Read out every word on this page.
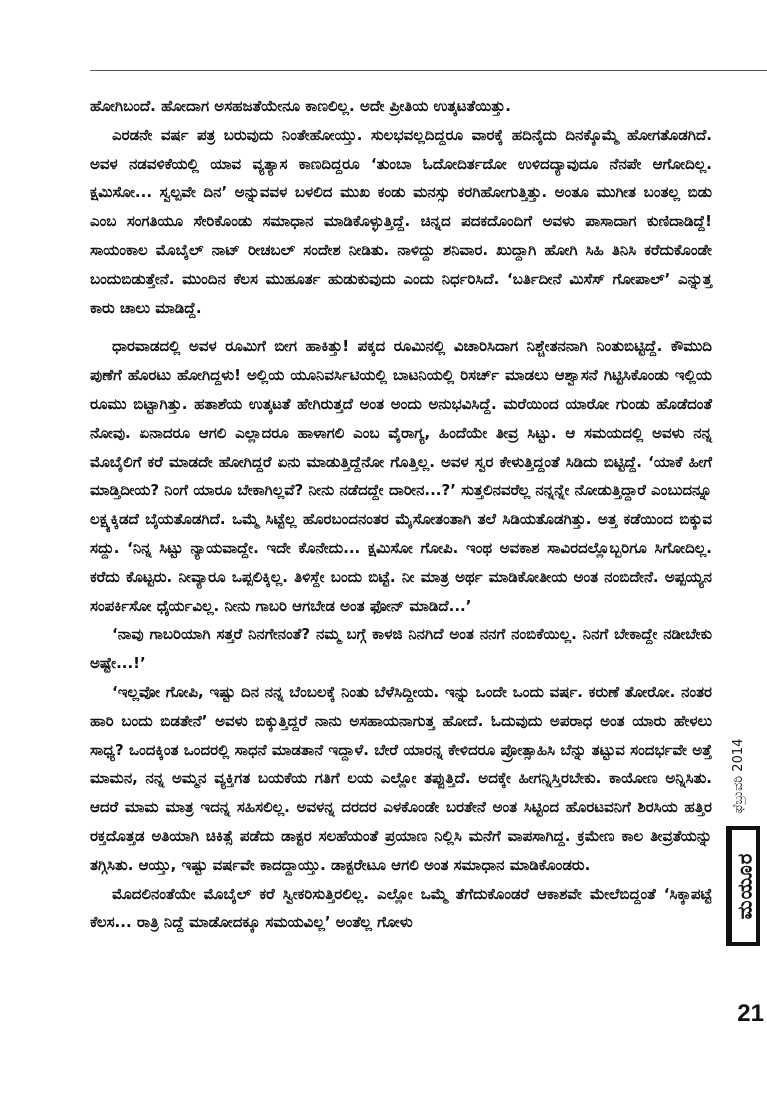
ಹೋಗಿಬಂದೆ. ಹೋದಾಗ ಅಸಹಜತೆಯೇನೂ ಕಾಣಲಿಲ್ಲ. ಅದೇ ಪ್ರೀತಿಯ ಉತ್ಕಟತೆಯಿತ್ತು.

ಎರಡನೇ ವರ್ಷ ಪತ್ರ ಬರುವುದು ನಿಂತೇಹೋಯ್ತು. ಸುಲಭವಲ್ಲದಿದ್ದರೂ ವಾರಕ್ಕೆ ಹದಿನೈದು ದಿನಕ್ಕೊಮ್ಮೆ ಹೋಗತೊಡಗಿದೆ. ಅವಳ ನಡವಳಿಕೆಯಲ್ಲಿ ಯಾವ ವ್ಯತ್ಯಾಸ ಕಾಣದಿದ್ದರೂ ‘ತುಂಬಾ ಓದೋದಿರ್ತದೋ ಉಳಿದದ್ಯಾವುದೂ ನೆನಪೇ ಆಗೋದಿಲ್ಲ. ಕ್ಷಮಿಸೋ... ಸ್ವಲ್ಪವೇ ದಿನ’ ಅನ್ನುವವಳ ಬಳಲಿದ ಮುಖ ಕಂಡು ಮನಸ್ಸು ಕರಗಿಹೋಗುತ್ತಿತ್ತು. ಅಂತೂ ಮುಗೀತ ಬಂತಲ್ಲ ಬಿಡು ಎಂಬ ಸಂಗತಿಯೂ ಸೇರಿಕೊಂಡು ಸಮಾಧಾನ ಮಾಡಿಕೊಳ್ಳುತ್ತಿದ್ದೆ. ಚಿನ್ನದ ಪದಕದೊಂದಿಗೆ ಅವಳು ಪಾಸಾದಾಗ ಕುಣಿದಾಡಿದ್ದೆ! ಸಾಯಂಕಾಲ ಮೊಬೈಲ್ ನಾಟ್ ರೀಚಬಲ್ ಸಂದೇಶ ನೀಡಿತು. ನಾಳಿದ್ದು ಶನಿವಾರ. ಖುದ್ದಾಗಿ ಹೋಗಿ ಸಿಹಿ ತಿನಿಸಿ ಕರೆದುಕೊಂಡೇ ಬಂದುಬಿಡುತ್ತೇನೆ. ಮುಂದಿನ ಕೆಲಸ ಮುಹೂರ್ತ ಹುಡುಕುವುದು ಎಂದು ನಿರ್ಧರಿಸಿದೆ. ‘ಬರ್ತಿದೀನೆ ಮಿಸೆಸ್ ಗೋಪಾಲ್’ ಎನ್ನುತ್ತ ಕಾರು ಚಾಲು ಮಾಡಿದ್ದೆ.

ಧಾರವಾಡದಲ್ಲಿ ಅವಳ ರೂಮಿಗೆ ಬೀಗ ಹಾಕಿತ್ತು! ಪಕ್ಕದ ರೂಮಿನಲ್ಲಿ ವಿಚಾರಿಸಿದಾಗ ನಿಶ್ಚೇತನನಾಗಿ ನಿಂತುಬಿಟ್ಟಿದ್ದೆ. ಕೌಮುದಿ ಪುಣೆಗೆ ಹೊರಟು ಹೋಗಿದ್ದಳು! ಅಲ್ಲಿಯ ಯೂನಿವರ್ಸಿಟಿಯಲ್ಲಿ ಬಾಟನಿಯಲ್ಲಿ ರಿಸರ್ಚ್ ಮಾಡಲು ಆಶ್ವಾಸನೆ ಗಿಟ್ಟಿಸಿಕೊಂಡು ಇಲ್ಲಿಯ ರೂಮು ಬಿಟ್ಟಾಗಿತ್ತು. ಹತಾಶೆಯ ಉತ್ಕಟತೆ ಹೇಗಿರುತ್ತದೆ ಅಂತ ಅಂದು ಅನುಭವಿಸಿದ್ದೆ. ಮರೆಯಿಂದ ಯಾರೋ ಗುಂಡು ಹೊಡೆದಂತೆ ನೋವು. ಏನಾದರೂ ಆಗಲಿ ಎಲ್ಲಾದರೂ ಹಾಳಾಗಲಿ ಎಂಬ ವೈರಾಗ್ಯ, ಹಿಂದೆಯೇ ತೀವ್ರ ಸಿಟ್ಟು. ಆ ಸಮಯದಲ್ಲಿ ಅವಳು ನನ್ನ ಮೊಬೈಲಿಗೆ ಕರೆ ಮಾಡದೇ ಹೋಗಿದ್ದರೆ ಏನು ಮಾಡುತ್ತಿದ್ದೆನೋ ಗೊತ್ತಿಲ್ಲ. ಅವಳ ಸ್ವರ ಕೇಳುತ್ತಿದ್ದಂತೆ ಸಿಡಿದು ಬಿಟ್ಟಿದ್ದೆ. ‘ಯಾಕೆ ಹೀಗೆ ಮಾಡ್ತಿದೀಯ? ನಿಂಗೆ ಯಾರೂ ಬೇಕಾಗಿಲ್ಲವೆ? ನೀನು ನಡೆದದ್ದೇ ದಾರೀನ...?’ ಸುತ್ತಲಿನವರೆಲ್ಲ ನನ್ನನ್ನೇ ನೋಡುತ್ತಿದ್ದಾರೆ ಎಂಬುದನ್ನೂ ಲಕ್ಷ್ಯಕ್ಕಿಡದೆ ಬೈಯತೊಡಗಿದೆ. ಒಮ್ಮೆ ಸಿಟ್ಟೆಲ್ಲ ಹೊರಬಂದನಂತರ ಮೈಸೋತಂತಾಗಿ ತಲೆ ಸಿಡಿಯತೊಡಗಿತ್ತು. ಅತ್ತ ಕಡೆಯಿಂದ ಬಿಕ್ಕುವ ಸದ್ದು. ‘ನಿನ್ನ ಸಿಟ್ಟು ನ್ಯಾಯವಾದ್ದೇ. ಇದೇ ಕೊನೇದು... ಕ್ಷಮಿಸೋ ಗೋಪಿ. ಇಂಥ ಅವಕಾಶ ಸಾವಿರದಲ್ಲೊಬ್ಬರಿಗೂ ಸಿಗೋದಿಲ್ಲ. ಕರೆದು ಕೊಟ್ಟರು. ನೀವ್ಯಾರೂ ಒಪ್ಪಲಿಕ್ಕಿಲ್ಲ. ತಿಳಿಸ್ದೇ ಬಂದು ಬಿಟ್ಟೆ. ನೀ ಮಾತ್ರ ಅರ್ಥ ಮಾಡಿಕೋತೀಯ ಅಂತ ನಂಬಿದೇನೆ. ಅಪ್ಪಯ್ಯನ ಸಂಪರ್ಕಿಸೋ ಧೈರ್ಯವಿಲ್ಲ. ನೀನು ಗಾಬರಿ ಆಗಬೇಡ ಅಂತ ಫೋನ್ ಮಾಡಿದೆ...’

‘ನಾವು ಗಾಬರಿಯಾಗಿ ಸತ್ತರೆ ನಿನಗೇನಂತೆ? ನಮ್ಮ ಬಗ್ಗೆ ಕಾಳಜಿ ನಿನಗಿದೆ ಅಂತ ನನಗೆ ನಂಬಿಕೆಯಿಲ್ಲ. ನಿನಗೆ ಬೇಕಾದ್ದೇ ನಡೀಬೇಕು ಅಷ್ಟೇ...!’

‘ಇಲ್ಲವೋ ಗೋಪಿ, ಇಷ್ಟು ದಿನ ನನ್ನ ಬೆಂಬಲಕ್ಕೆ ನಿಂತು ಬೆಳೆಸಿದ್ದೀಯ. ಇನ್ನು ಒಂದೇ ಒಂದು ವರ್ಷ. ಕರುಣೆ ತೋರೋ. ನಂತರ ಹಾರಿ ಬಂದು ಬಿಡತೇನೆ’ ಅವಳು ಬಿಕ್ಕುತ್ತಿದ್ದರೆ ನಾನು ಅಸಹಾಯನಾಗುತ್ತ ಹೋದೆ. ಓದುವುದು ಅಪರಾಧ ಅಂತ ಯಾರು ಹೇಳಲು ಸಾಧ್ಯ? ಒಂದಕ್ಕಿಂತ ಒಂದರಲ್ಲಿ ಸಾಧನೆ ಮಾಡತಾನೆ ಇದ್ದಾಳೆ. ಬೇರೆ ಯಾರನ್ನ ಕೇಳಿದರೂ ಪ್ರೋತ್ಸಾಹಿಸಿ ಬೆನ್ನು ತಟ್ಟುವ ಸಂದರ್ಭವೇ ಅತ್ತೆ ಮಾಮನ, ನನ್ನ ಅಮ್ಮನ ವ್ಯಕ್ತಿಗತ ಬಯಕೆಯ ಗತಿಗೆ ಲಯ ಎಲ್ಲೋ ತಪ್ಪುತ್ತಿದೆ. ಅದಕ್ಕೇ ಹೀಗನ್ನಿಸ್ತಿರಬೇಕು. ಕಾಯೋಣ ಅನ್ನಿಸಿತು. ಆದರೆ ಮಾಮ ಮಾತ್ರ ಇದನ್ನ ಸಹಿಸಲಿಲ್ಲ. ಅವಳನ್ನ ದರದರ ಎಳಕೊಂಡೇ ಬರತೇನೆ ಅಂತ ಸಿಟ್ಟಿಂದ ಹೊರಟವನಿಗೆ ಶಿರಸಿಯ ಹತ್ತಿರ ರಕ್ತದೊತ್ತಡ ಅತಿಯಾಗಿ ಚಿಕಿತ್ಸೆ ಪಡೆದು ಡಾಕ್ಟರ ಸಲಹೆಯಂತೆ ಪ್ರಯಾಣ ನಿಲ್ಲಿಸಿ ಮನೆಗೆ ವಾಪಸಾಗಿದ್ದ. ಕ್ರಮೇಣ ಕಾಲ ತೀವ್ರತೆಯನ್ನು ತಗ್ಗಿಸಿತು. ಆಯ್ತು, ಇಷ್ಟು ವರ್ಷವೇ ಕಾದದ್ದಾಯ್ತು. ಡಾಕ್ಟರೇಟೂ ಆಗಲಿ ಅಂತ ಸಮಾಧಾನ ಮಾಡಿಕೊಂಡರು.

ಮೊದಲಿನಂತೆಯೇ ಮೊಬೈಲ್ ಕರೆ ಸ್ವೀಕರಿಸುತ್ತಿರಲಿಲ್ಲ. ಎಲ್ಲೋ ಒಮ್ಮೆ ತೆಗೆದುಕೊಂಡರೆ ಆಕಾಶವೇ ಮೇಲೆಬಿದ್ದಂತೆ ‘ಸಿಕ್ಕಾಪಟ್ಟೆ ಕೆಲಸ... ರಾತ್ರಿ ನಿದ್ದೆ ಮಾಡೋದಕ್ಕೂ ಸಮಯವಿಲ್ಲ’ ಅಂತೆಲ್ಲ ಗೋಳು

ಫೆಬ್ರುವರಿ 2014
ಮಯೂರ
21
